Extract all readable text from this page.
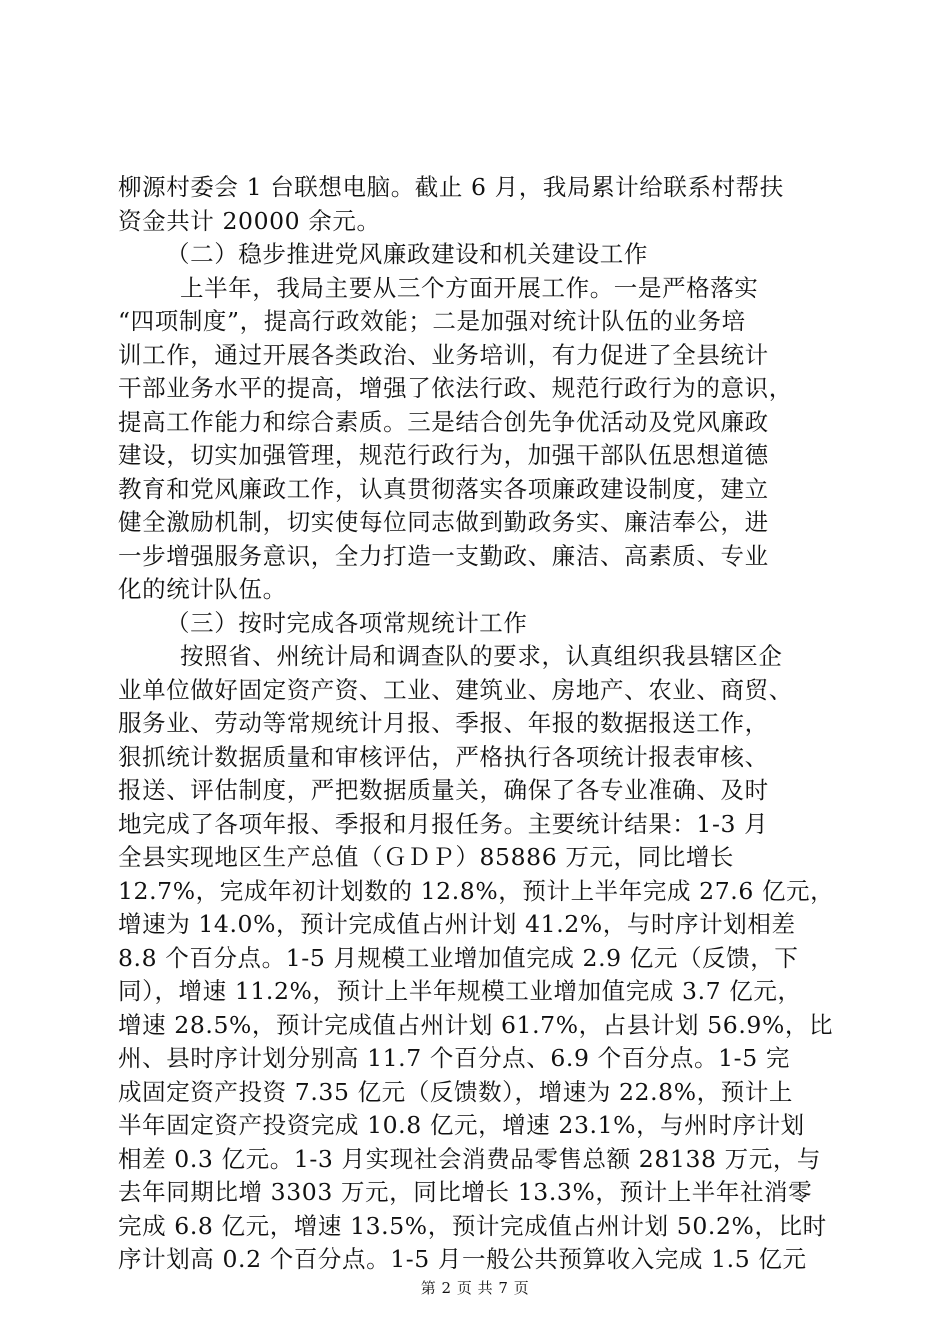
柳源村委会 1 台联想电脑。截止 6 月，我局累计给联系村帮扶
资金共计 20000 余元。
（二）稳步推进党风廉政建设和机关建设工作
上半年，我局主要从三个方面开展工作。一是严格落实
“四项制度”，提高行政效能；二是加强对统计队伍的业务培
训工作，通过开展各类政治、业务培训，有力促进了全县统计
干部业务水平的提高，增强了依法行政、规范行政行为的意识，
提高工作能力和综合素质。三是结合创先争优活动及党风廉政
建设，切实加强管理，规范行政行为，加强干部队伍思想道德
教育和党风廉政工作，认真贯彻落实各项廉政建设制度，建立
健全激励机制，切实使每位同志做到勤政务实、廉洁奉公，进
一步增强服务意识，全力打造一支勤政、廉洁、高素质、专业
化的统计队伍。
（三）按时完成各项常规统计工作
按照省、州统计局和调查队的要求，认真组织我县辖区企
业单位做好固定资产资、工业、建筑业、房地产、农业、商贸、
服务业、劳动等常规统计月报、季报、年报的数据报送工作，
狠抓统计数据质量和审核评估，严格执行各项统计报表审核、
报送、评估制度，严把数据质量关，确保了各专业准确、及时
地完成了各项年报、季报和月报任务。主要统计结果：1-3 月
全县实现地区生产总值（ＧＤＰ）85886 万元，同比增长
12.7%，完成年初计划数的 12.8%，预计上半年完成 27.6 亿元，
增速为 14.0%，预计完成值占州计划 41.2%，与时序计划相差
8.8 个百分点。1-5 月规模工业增加值完成 2.9 亿元（反馈，下
同），增速 11.2%，预计上半年规模工业增加值完成 3.7 亿元，
增速 28.5%，预计完成值占州计划 61.7%，占县计划 56.9%，比
州、县时序计划分别高 11.7 个百分点、6.9 个百分点。1-5 完
成固定资产投资 7.35 亿元（反馈数），增速为 22.8%，预计上
半年固定资产投资完成 10.8 亿元，增速 23.1%，与州时序计划
相差 0.3 亿元。1-3 月实现社会消费品零售总额 28138 万元，与
去年同期比增 3303 万元，同比增长 13.3%，预计上半年社消零
完成 6.8 亿元，增速 13.5%，预计完成值占州计划 50.2%，比时
序计划高 0.2 个百分点。1-5 月一般公共预算收入完成 1.5 亿元
第 2 页 共 7 页
